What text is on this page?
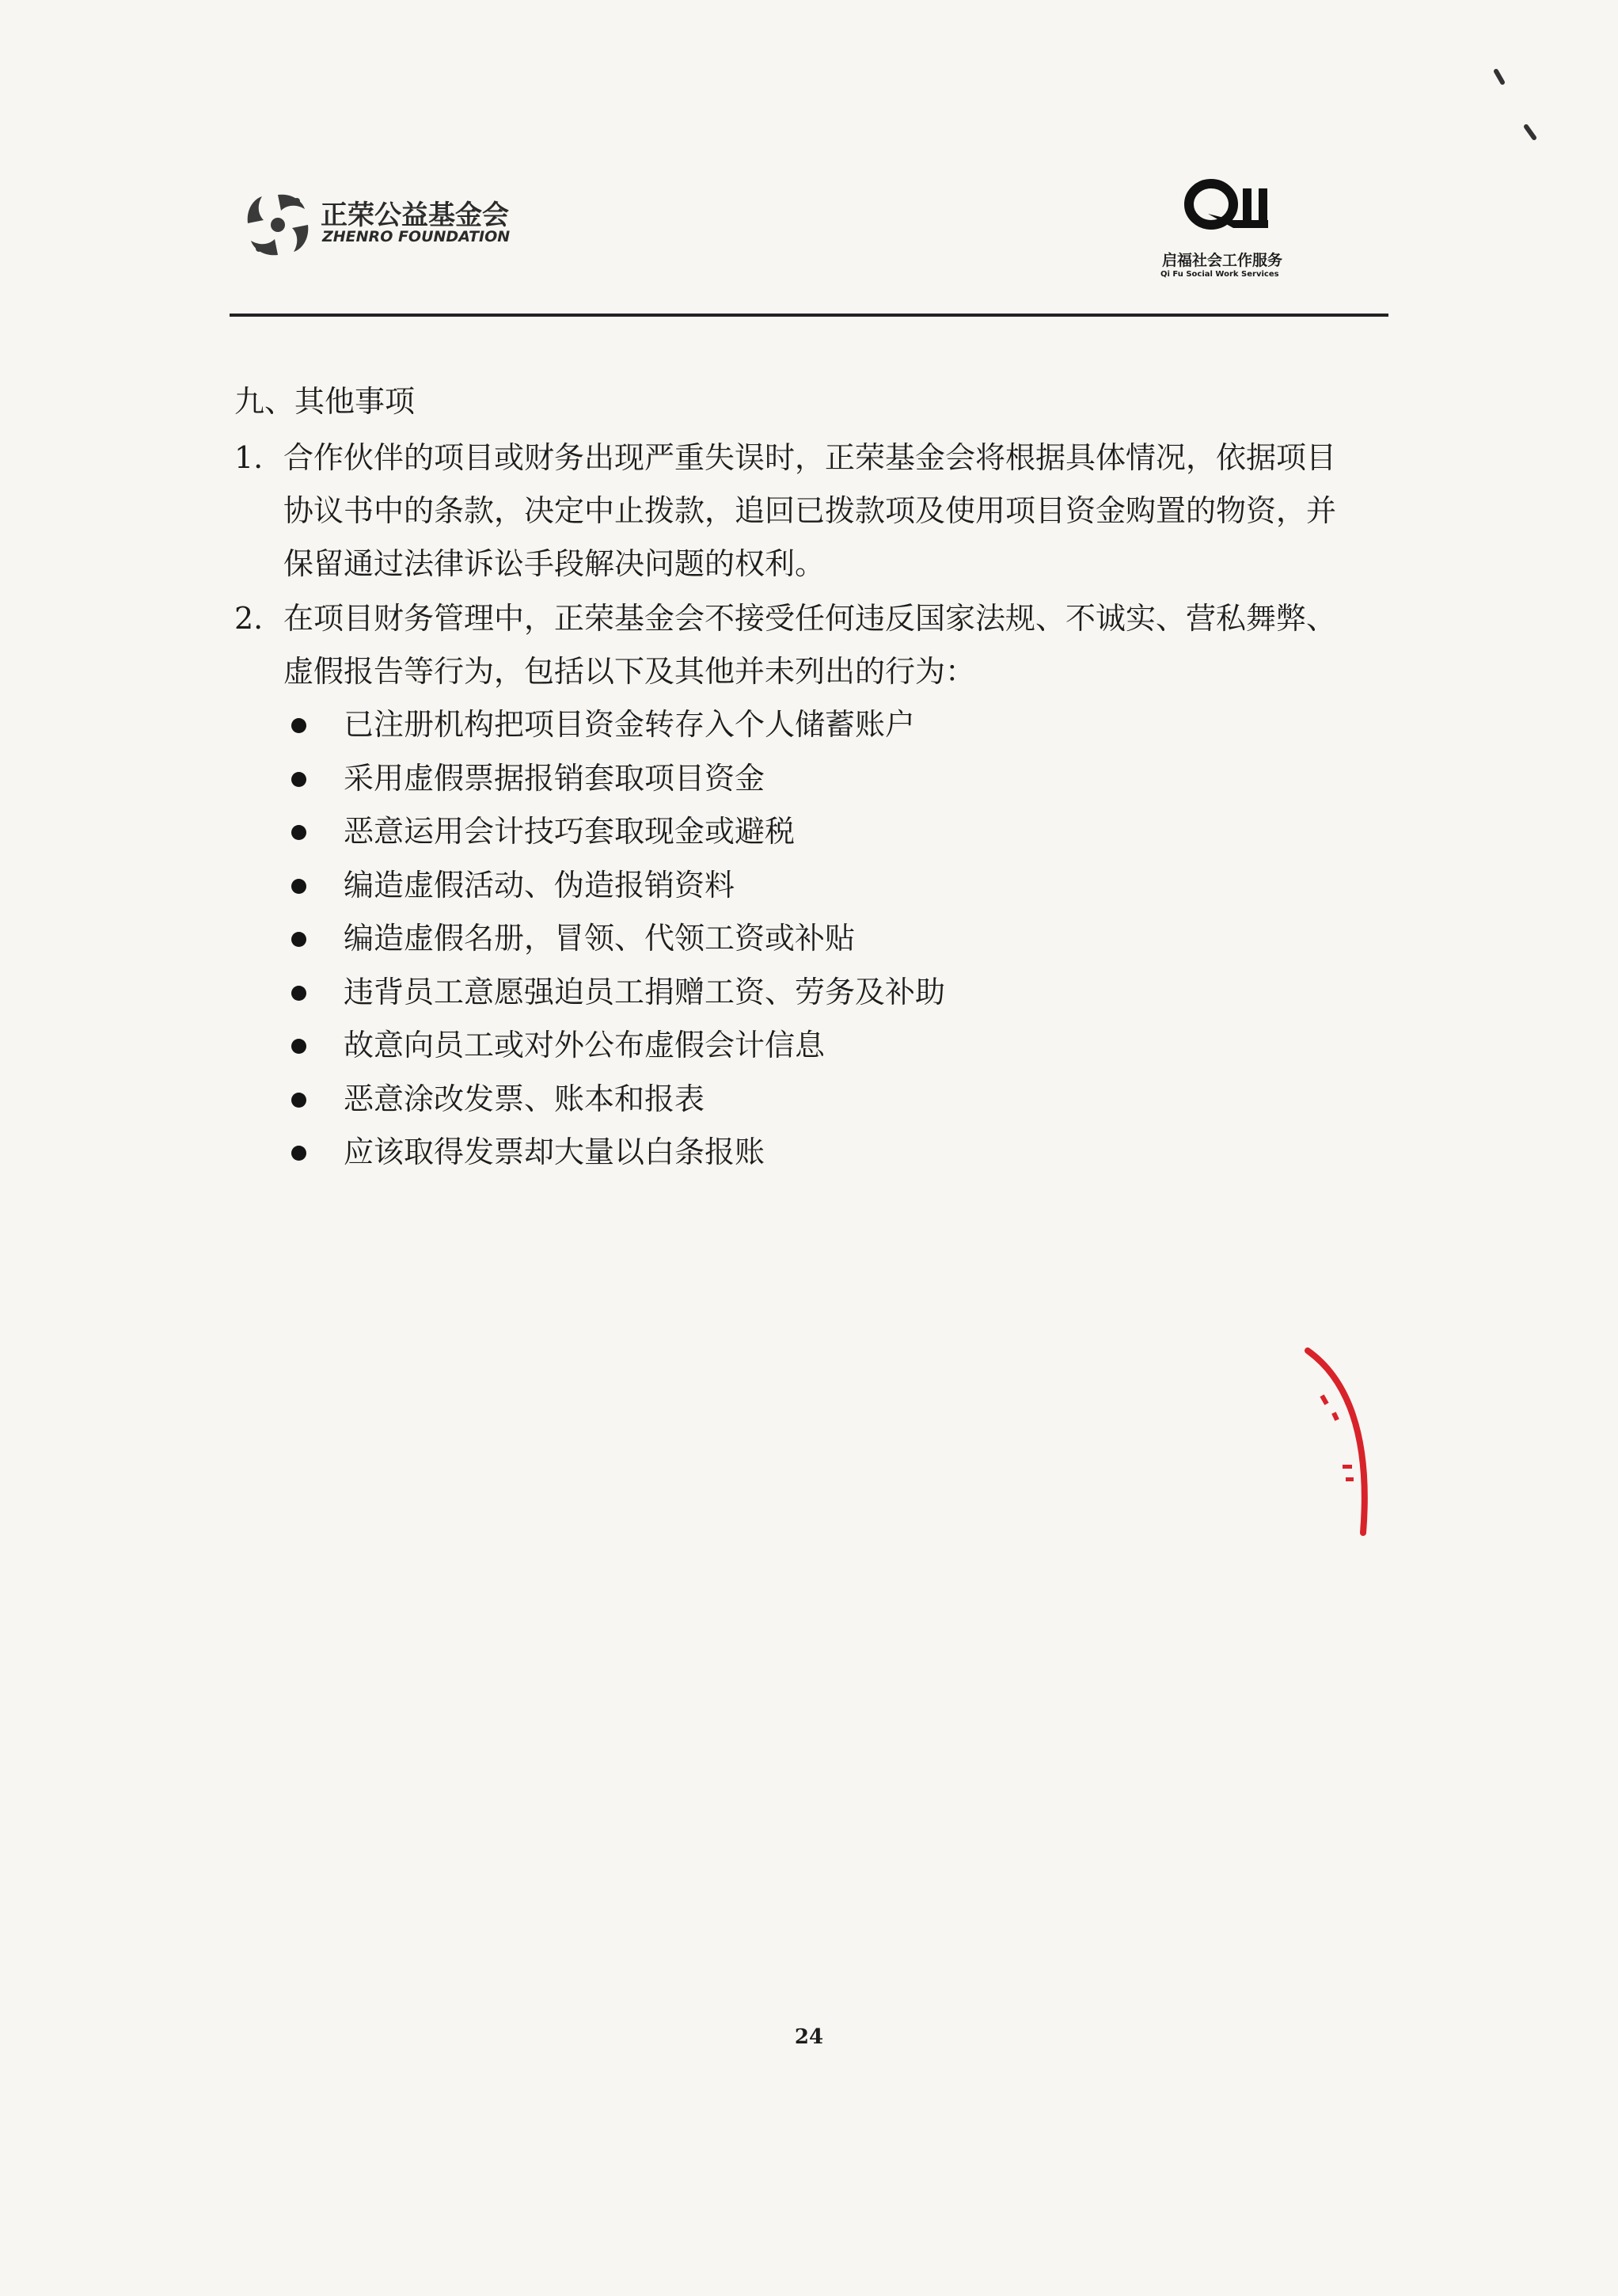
正荣公益基金会
ZHENRO FOUNDATION
启福社会工作服务
Qi Fu Social Work Services
九、其他事项
1. 合作伙伴的项目或财务出现严重失误时，正荣基金会将根据具体情况，依据项目
协议书中的条款，决定中止拨款，追回已拨款项及使用项目资金购置的物资，并
保留通过法律诉讼手段解决问题的权利。
2. 在项目财务管理中，正荣基金会不接受任何违反国家法规、不诚实、营私舞弊、
虚假报告等行为，包括以下及其他并未列出的行为：
已注册机构把项目资金转存入个人储蓄账户
采用虚假票据报销套取项目资金
恶意运用会计技巧套取现金或避税
编造虚假活动、伪造报销资料
编造虚假名册，冒领、代领工资或补贴
违背员工意愿强迫员工捐赠工资、劳务及补助
故意向员工或对外公布虚假会计信息
恶意涂改发票、账本和报表
应该取得发票却大量以白条报账
24
